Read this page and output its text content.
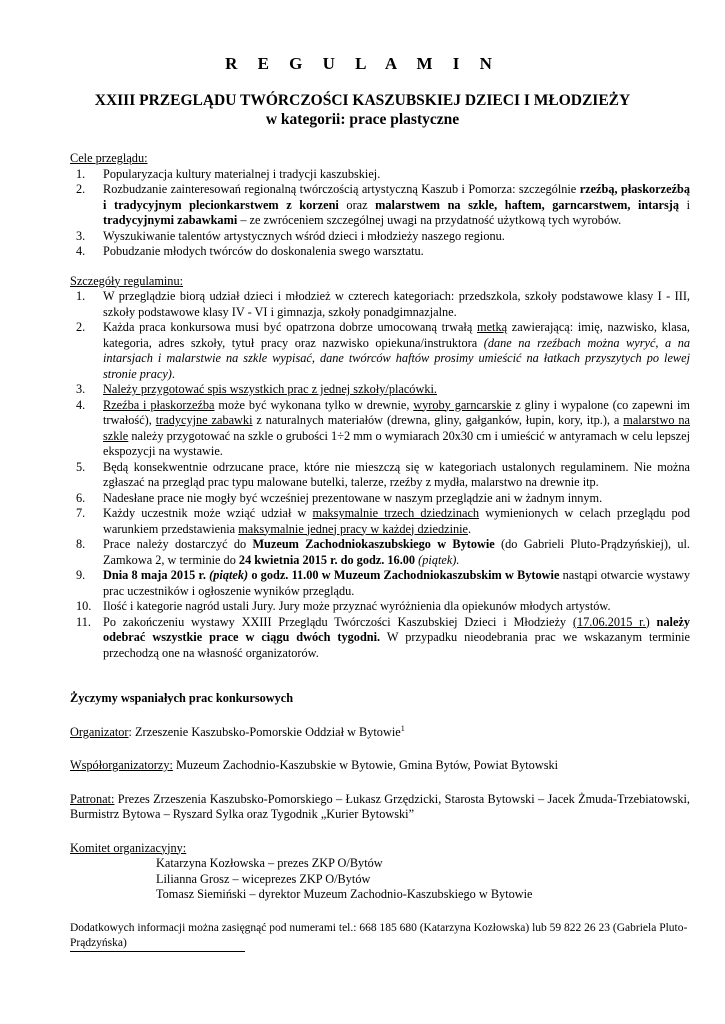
R E G U L A M I N
XXIII PRZEGLĄDU TWÓRCZOŚCI KASZUBSKIEJ DZIECI I MŁODZIEŻY
w kategorii: prace plastyczne
Cele przeglądu:
1. Popularyzacja kultury materialnej i tradycji kaszubskiej.
2. Rozbudzanie zainteresowań regionalną twórczością artystyczną Kaszub i Pomorza: szczególnie rzeźbą, płaskorzeźbą i tradycyjnym plecionkarstwem z korzeni oraz malarstwem na szkle, haftem, garncarstwem, intarsją i tradycyjnymi zabawkami – ze zwróceniem szczególnej uwagi na przydatność użytkową tych wyrobów.
3. Wyszukiwanie talentów artystycznych wśród dzieci i młodzieży naszego regionu.
4. Pobudzanie młodych twórców do doskonalenia swego warsztatu.
Szczegóły regulaminu:
1. W przeglądzie biorą udział dzieci i młodzież w czterech kategoriach: przedszkola, szkoły podstawowe klasy I - III, szkoły podstawowe klasy IV - VI i gimnazja, szkoły ponadgimnazjalne.
2. Każda praca konkursowa musi być opatrzona dobrze umocowaną trwałą metką zawierającą: imię, nazwisko, klasa, kategoria, adres szkoły, tytuł pracy oraz nazwisko opiekuna/instruktora (dane na rzeźbach można wyryć, a na intarsjach i malarstwie na szkle wypisać, dane twórców haftów prosimy umieścić na łatkach przyszytych po lewej stronie pracy).
3. Należy przygotować spis wszystkich prac z jednej szkoły/placówki.
4. Rzeźba i płaskorzeźba może być wykonana tylko w drewnie, wyroby garncarskie z gliny i wypalone (co zapewni im trwałość), tradycyjne zabawki z naturalnych materiałów (drewna, gliny, gałganków, łupin, kory, itp.), a malarstwo na szkle należy przygotować na szkle o grubości 1÷2 mm o wymiarach 20x30 cm i umieścić w antyramach w celu lepszej ekspozycji na wystawie.
5. Będą konsekwentnie odrzucane prace, które nie mieszczą się w kategoriach ustalonych regulaminem. Nie można zgłaszać na przegląd prac typu malowane butelki, talerze, rzeźby z mydła, malarstwo na drewnie itp.
6. Nadesłane prace nie mogły być wcześniej prezentowane w naszym przeglądzie ani w żadnym innym.
7. Każdy uczestnik może wziąć udział w maksymalnie trzech dziedzinach wymienionych w celach przeglądu pod warunkiem przedstawienia maksymalnie jednej pracy w każdej dziedzinie.
8. Prace należy dostarczyć do Muzeum Zachodniokaszubskiego w Bytowie (do Gabrieli Pluto-Prądzyńskiej), ul. Zamkowa 2, w terminie do 24 kwietnia 2015 r. do godz. 16.00 (piątek).
9. Dnia 8 maja 2015 r. (piątek) o godz. 11.00 w Muzeum Zachodniokaszubskim w Bytowie nastąpi otwarcie wystawy prac uczestników i ogłoszenie wyników przeglądu.
10. Ilość i kategorie nagród ustali Jury. Jury może przyznać wyróżnienia dla opiekunów młodych artystów.
11. Po zakończeniu wystawy XXIII Przeglądu Twórczości Kaszubskiej Dzieci i Młodzieży (17.06.2015 r.) należy odebrać wszystkie prace w ciągu dwóch tygodni. W przypadku nieodebrania prac we wskazanym terminie przechodzą one na własność organizatorów.
Życzymy wspaniałych prac konkursowych
Organizator: Zrzeszenie Kaszubsko-Pomorskie Oddział w Bytowie$^1$
Współorganizatorzy: Muzeum Zachodnio-Kaszubskie w Bytowie, Gmina Bytów, Powiat Bytowski
Patronat: Prezes Zrzeszenia Kaszubsko-Pomorskiego – Łukasz Grzędzicki, Starosta Bytowski – Jacek Żmuda-Trzebiatowski, Burmistrz Bytowa – Ryszard Sylka oraz Tygodnik „Kurier Bytowski”
Komitet organizacyjny:
Katarzyna Kozłowska – prezes ZKP O/Bytów
Lilianna Grosz – wiceprezes ZKP O/Bytów
Tomasz Siemiński – dyrektor Muzeum Zachodnio-Kaszubskiego w Bytowie
Dodatkowych informacji można zasięgnąć pod numerami tel.: 668 185 680 (Katarzyna Kozłowska) lub 59 822 26 23 (Gabriela Pluto-Prądzyńska)
